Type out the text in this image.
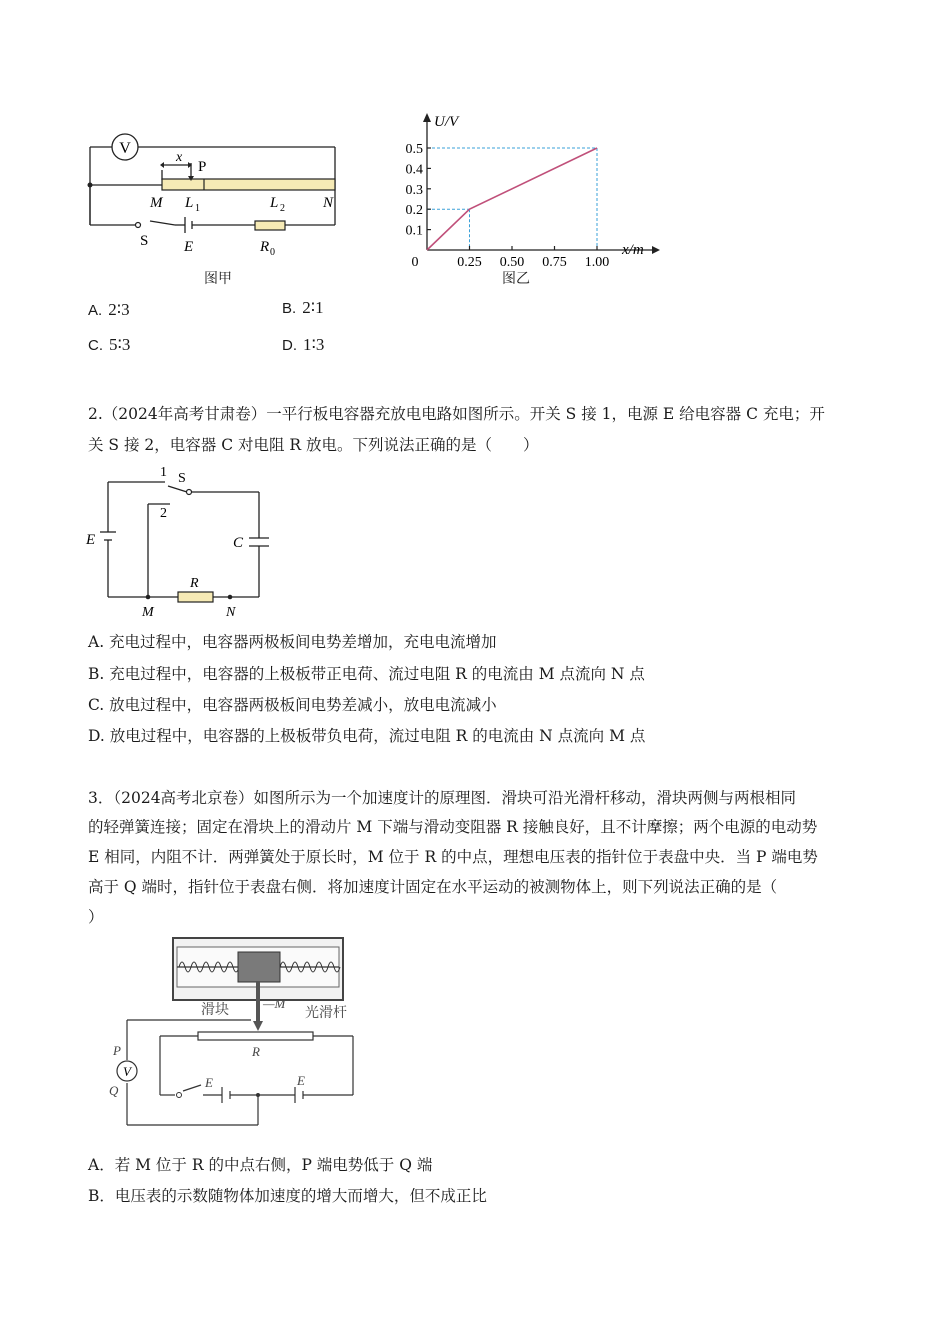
V
x
P
M L 1	L 2	N
S E	R 0
图甲
0	0.25 0.50 0.75 1.00
0.1
0.2
0.3
0.4
0.5
U/V
x/m
图乙
A. 2∶3	B. 2∶1
C. 5∶3	D. 1∶3
2.（2024年高考甘肃卷）一平行板电容器充放电电路如图所示。开关 S 接 1，电源 E 给电容器 C 充电；开
关 S 接 2，电容器 C 对电阻 R 放电。下列说法正确的是（　　）
1 S
2
E	C
R
M	N
A. 充电过程中，电容器两极板间电势差增加，充电电流增加
B. 充电过程中，电容器的上极板带正电荷、流过电阻 R 的电流由 M 点流向 N 点
C. 放电过程中，电容器两极板间电势差减小，放电电流减小
D. 放电过程中，电容器的上极板带负电荷，流过电阻 R 的电流由 N 点流向 M 点
3．（2024高考北京卷）如图所示为一个加速度计的原理图．滑块可沿光滑杆移动，滑块两侧与两根相同
的轻弹簧连接；固定在滑块上的滑动片 M 下端与滑动变阻器 R 接触良好，且不计摩擦；两个电源的电动势
E 相同，内阻不计．两弹簧处于原长时，M 位于 R 的中点，理想电压表的指针位于表盘中央．当 P 端电势
高于 Q 端时，指针位于表盘右侧．将加速度计固定在水平运动的被测物体上，则下列说法正确的是（
）
V
滑块	—M
光滑杆
R
P
Q
E	E
A．若 M 位于 R 的中点右侧，P 端电势低于 Q 端
B．电压表的示数随物体加速度的增大而增大，但不成正比
